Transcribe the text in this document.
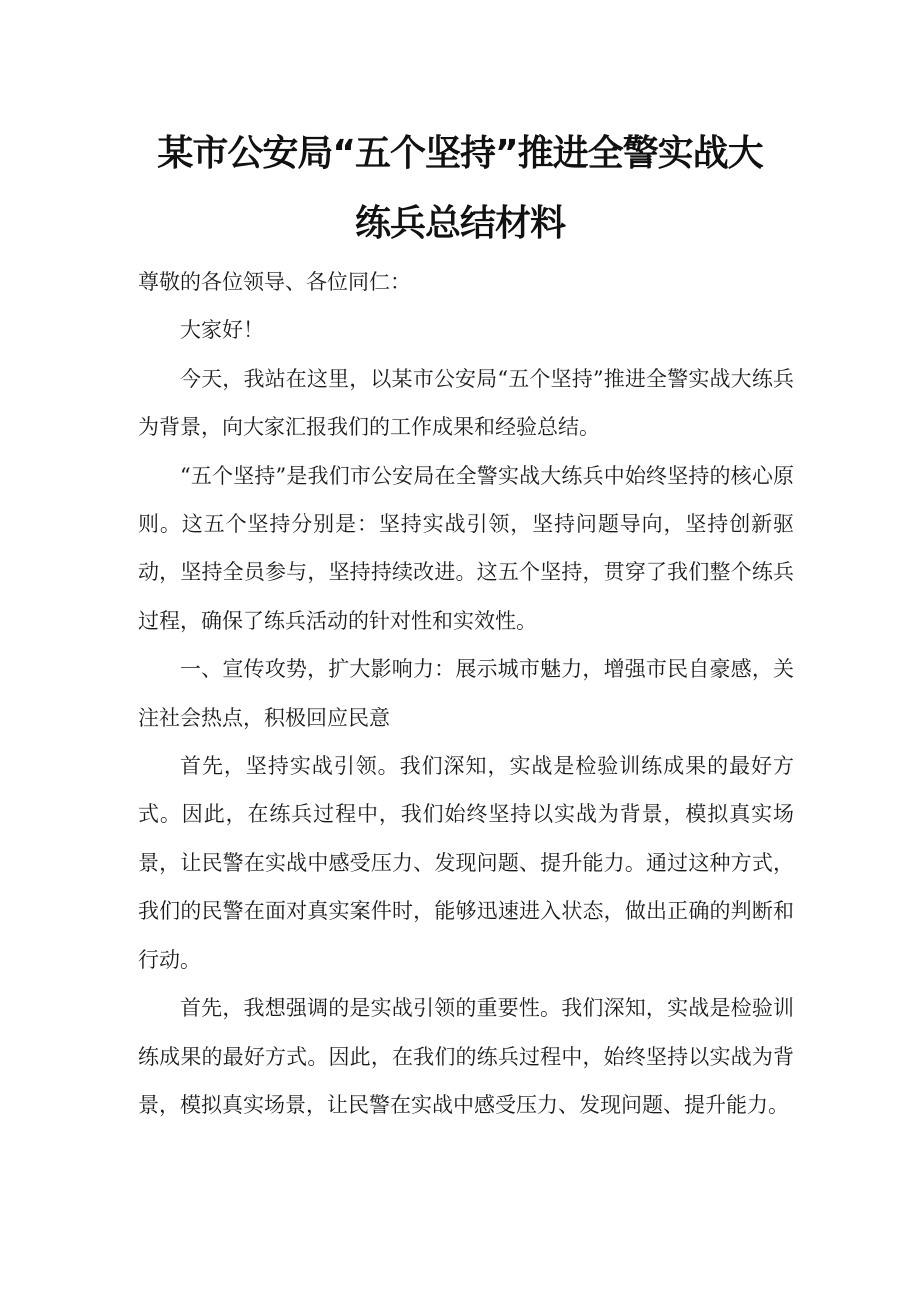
某市公安局“五个坚持”推进全警实战大
练兵总结材料

尊敬的各位领导、各位同仁：

大家好！

今天，我站在这里，以某市公安局“五个坚持”推进全警实战大练兵为背景，向大家汇报我们的工作成果和经验总结。

“五个坚持”是我们市公安局在全警实战大练兵中始终坚持的核心原则。这五个坚持分别是：坚持实战引领，坚持问题导向，坚持创新驱动，坚持全员参与，坚持持续改进。这五个坚持，贯穿了我们整个练兵过程，确保了练兵活动的针对性和实效性。

一、宣传攻势，扩大影响力：展示城市魅力，增强市民自豪感，关注社会热点，积极回应民意

首先，坚持实战引领。我们深知，实战是检验训练成果的最好方式。因此，在练兵过程中，我们始终坚持以实战为背景，模拟真实场景，让民警在实战中感受压力、发现问题、提升能力。通过这种方式，我们的民警在面对真实案件时，能够迅速进入状态，做出正确的判断和行动。

首先，我想强调的是实战引领的重要性。我们深知，实战是检验训练成果的最好方式。因此，在我们的练兵过程中，始终坚持以实战为背景，模拟真实场景，让民警在实战中感受压力、发现问题、提升能力。
